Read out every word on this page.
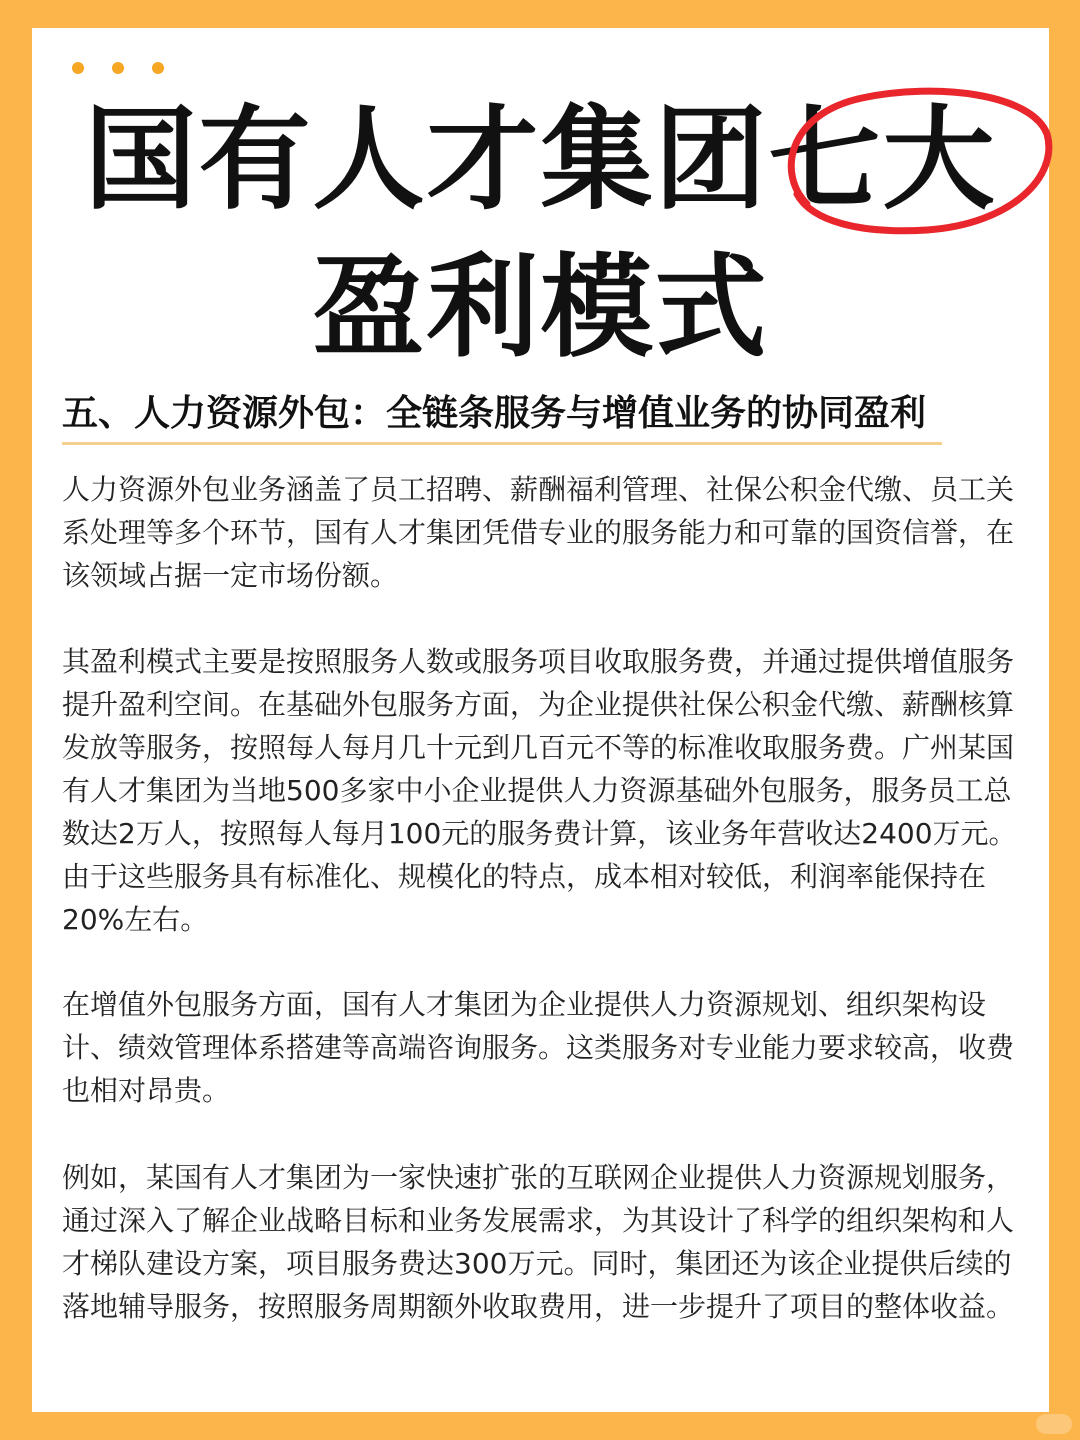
国有人才集团七大
盈利模式
五、人力资源外包：全链条服务与增值业务的协同盈利

人力资源外包业务涵盖了员工招聘、薪酬福利管理、社保公积金代缴、员工关系处理等多个环节，国有人才集团凭借专业的服务能力和可靠的国资信誉，在该领域占据一定市场份额。

其盈利模式主要是按照服务人数或服务项目收取服务费，并通过提供增值服务提升盈利空间。在基础外包服务方面，为企业提供社保公积金代缴、薪酬核算发放等服务，按照每人每月几十元到几百元不等的标准收取服务费。广州某国有人才集团为当地500多家中小企业提供人力资源基础外包服务，服务员工总数达2万人，按照每人每月100元的服务费计算，该业务年营收达2400万元。由于这些服务具有标准化、规模化的特点，成本相对较低，利润率能保持在20%左右。

在增值外包服务方面，国有人才集团为企业提供人力资源规划、组织架构设计、绩效管理体系搭建等高端咨询服务。这类服务对专业能力要求较高，收费也相对昂贵。

例如，某国有人才集团为一家快速扩张的互联网企业提供人力资源规划服务，通过深入了解企业战略目标和业务发展需求，为其设计了科学的组织架构和人才梯队建设方案，项目服务费达300万元。同时，集团还为该企业提供后续的落地辅导服务，按照服务周期额外收取费用，进一步提升了项目的整体收益。
